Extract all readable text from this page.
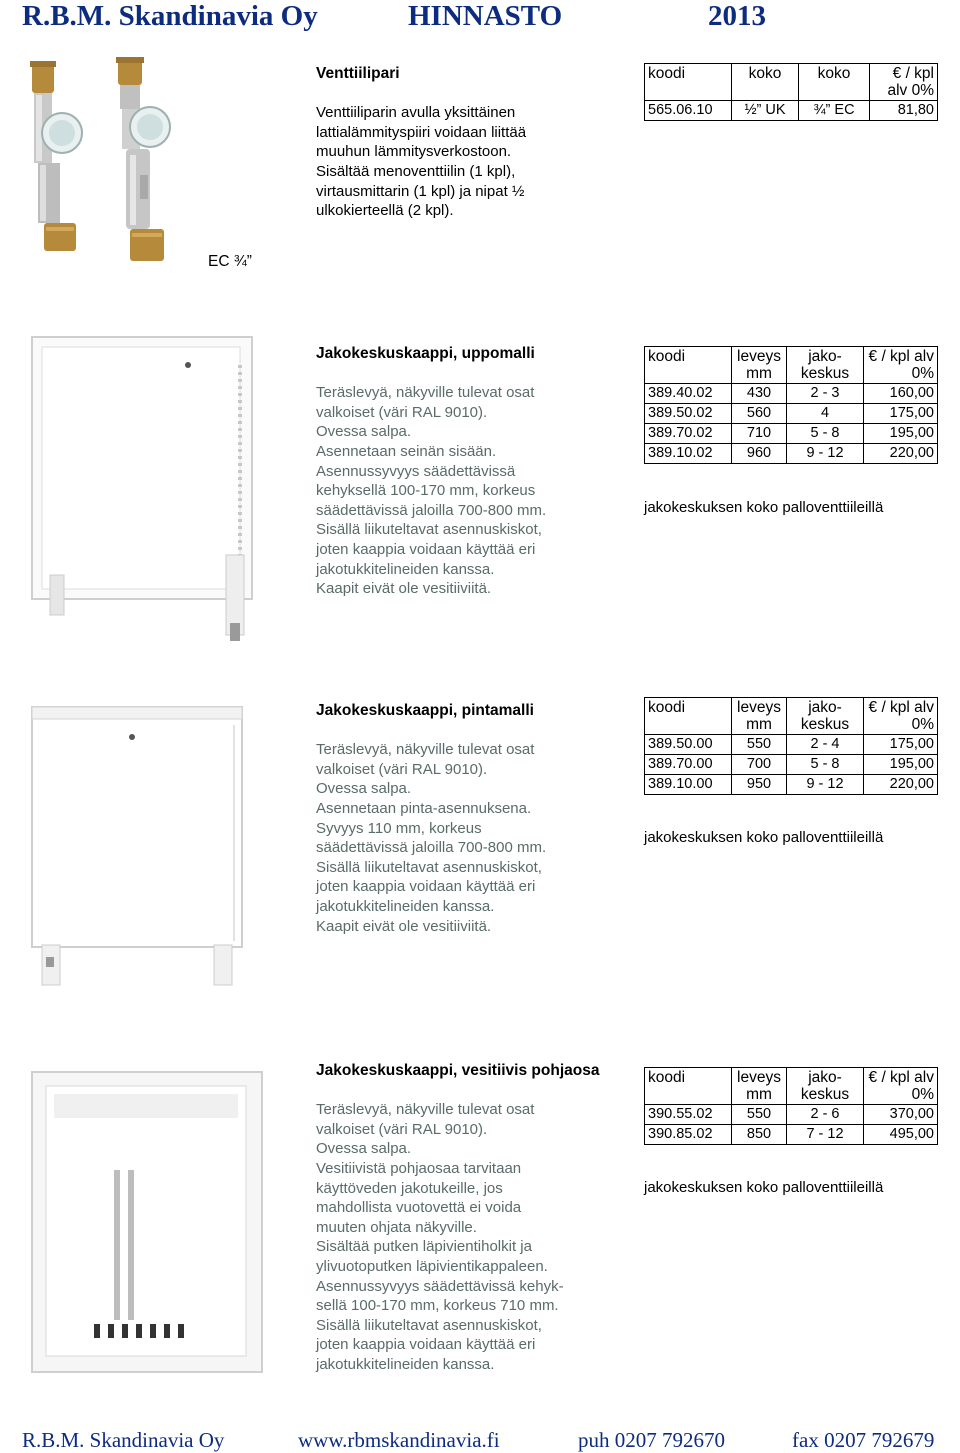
R.B.M. Skandinavia Oy	HINNASTO	2013
Venttiilipari

Venttiiliparin avulla yksittäinen

lattialämmityspiiri voidaan liittää

muuhun lämmitysverkostoon.

Sisältää menoventtiilin (1 kpl),

virtausmittarin (1 kpl) ja nipat ½

ulkokierteellä (2 kpl).

EC ¾”
koodi	koko	koko	€ / kpl alv 0%
565.06.10	½” UK	¾” EC	81,80
Jakokeskuskaappi, uppomalli

Teräslevyä, näkyville tulevat osat

valkoiset (väri RAL 9010).

Ovessa salpa.

Asennetaan seinän sisään.

Asennussyvyys säädettävissä

kehyksellä 100-170 mm, korkeus

säädettävissä jaloilla 700-800 mm.

Sisällä liikuteltavat asennuskiskot,

joten kaappia voidaan käyttää eri

jakotukkitelineiden kanssa.

Kaapit eivät ole vesitiiviitä.

koodi	leveys mm	jako- keskus	€ / kpl alv 0%
389.40.02	430	2 - 3	160,00
389.50.02	560	4	175,00
389.70.02	710	5 - 8	195,00
389.10.02	960	9 - 12	220,00
jakokeskuksen koko palloventtiileillä
Jakokeskuskaappi, pintamalli

Teräslevyä, näkyville tulevat osat

valkoiset (väri RAL 9010).

Ovessa salpa.

Asennetaan pinta-asennuksena.

Syvyys 110 mm, korkeus

säädettävissä jaloilla 700-800 mm.

Sisällä liikuteltavat asennuskiskot,

joten kaappia voidaan käyttää eri

jakotukkitelineiden kanssa.

Kaapit eivät ole vesitiiviitä.

koodi	leveys mm	jako- keskus	€ / kpl alv 0%
389.50.00	550	2 - 4	175,00
389.70.00	700	5 - 8	195,00
389.10.00	950	9 - 12	220,00
jakokeskuksen koko palloventtiileillä
Jakokeskuskaappi, vesitiivis pohjaosa

Teräslevyä, näkyville tulevat osat

valkoiset (väri RAL 9010).

Ovessa salpa.

Vesitiivistä pohjaosaa tarvitaan

käyttöveden jakotukeille, jos

mahdollista vuotovettä ei voida

muuten ohjata näkyville.

Sisältää putken läpivientiholkit ja

ylivuotoputken läpivientikappaleen.

Asennussyvyys säädettävissä kehyk-

sellä 100-170 mm, korkeus 710 mm.

Sisällä liikuteltavat asennuskiskot,

joten kaappia voidaan käyttää eri

jakotukkitelineiden kanssa.

koodi	leveys mm	jako- keskus	€ / kpl alv 0%
390.55.02	550	2 - 6	370,00
390.85.02	850	7 - 12	495,00
jakokeskuksen koko palloventtiileillä
R.B.M. Skandinavia Oy	www.rbmskandinavia.fi	puh 0207 792670	fax 0207 792679
